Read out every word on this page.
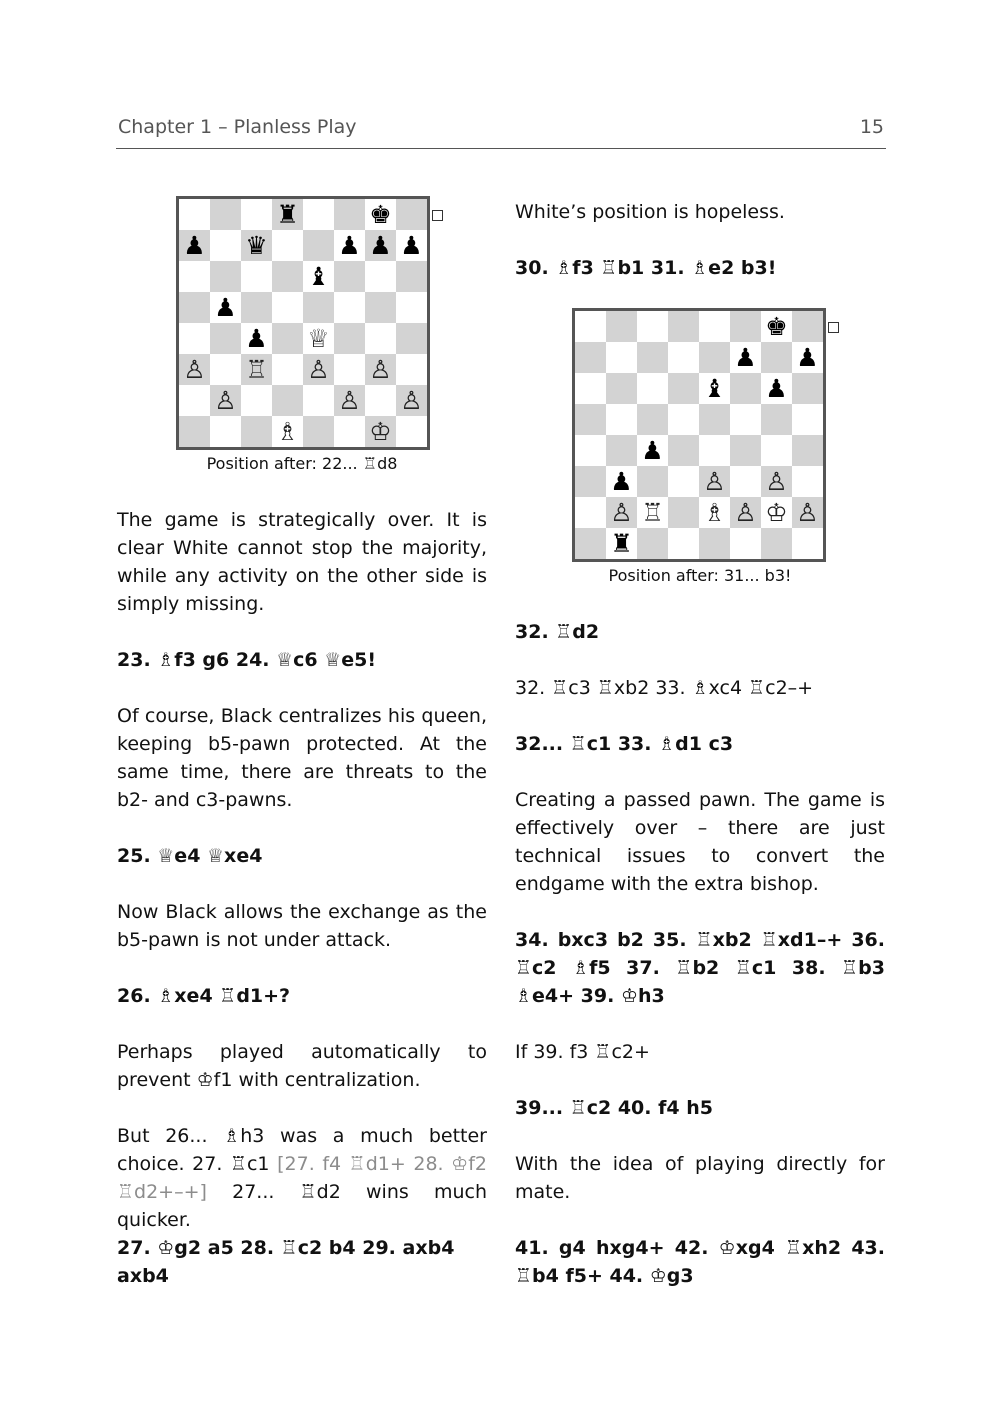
Chapter 1 – Planless Play	15
♜	♚
♟ ♛	♟ ♟ ♟
♝
♟
♟ ♕
♙ ♖ ♙ ♙
♙	♙ ♙
♗	♔
Position after: 22... ♖d8
The game is strategically over. It is clear White cannot stop the majority, while any activity on the other side is simply missing.
23. ♗f3 g6 24. ♕c6 ♕e5!
Of course, Black centralizes his queen, keeping b5-pawn protected. At the same time, there are threats to the b2- and c3-pawns.
25. ♕e4 ♕xe4
Now Black allows the exchange as the b5-pawn is not under attack.
26. ♗xe4 ♖d1+?
Perhaps played automatically to prevent ♔f1 with centralization.
But 26... ♗h3 was a much better choice. 27. ♖c1 [27. f4 ♖d1+ 28. ♔f2 ♖d2+–+] 27... ♖d2 wins much quicker.
27. ♔g2 a5 28. ♖c2 b4 29. axb4 axb4
White’s position is hopeless.
30. ♗f3 ♖b1 31. ♗e2 b3!
♚
♟ ♟
♝ ♟
♟
♟	♙ ♙
♙ ♖ ♗ ♙ ♔ ♙
♜
Position after: 31... b3!
32. ♖d2
32. ♖c3 ♖xb2 33. ♗xc4 ♖c2–+
32... ♖c1 33. ♗d1 c3
Creating a passed pawn. The game is effectively over – there are just technical issues to convert the endgame with the extra bishop.
34. bxc3 b2 35. ♖xb2 ♖xd1–+ 36. ♖c2 ♗f5 37. ♖b2 ♖c1 38. ♖b3 ♗e4+ 39. ♔h3
If 39. f3 ♖c2+
39... ♖c2 40. f4 h5
With the idea of playing directly for mate.
41. g4 hxg4+ 42. ♔xg4 ♖xh2 43. ♖b4 f5+ 44. ♔g3
